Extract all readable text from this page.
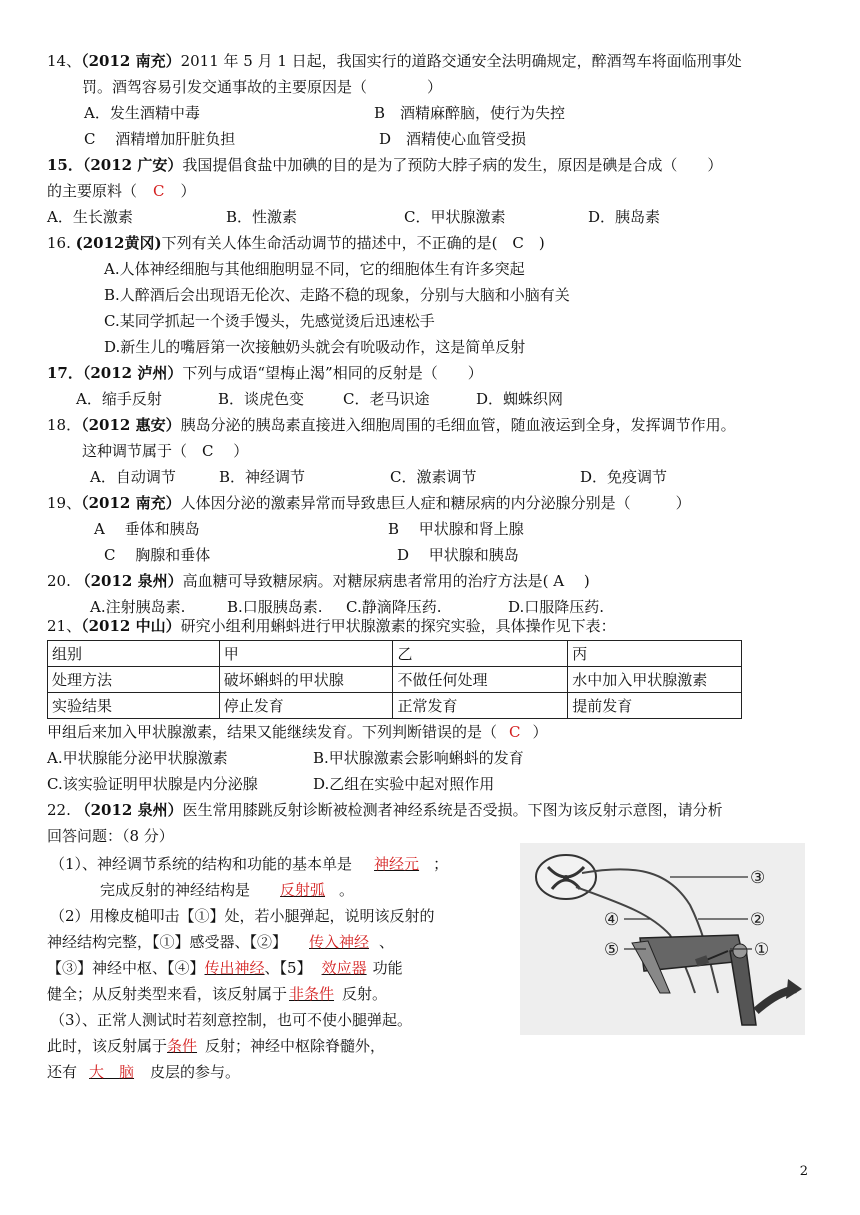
14、（2012 南充）2011 年 5 月 1 日起，我国实行的道路交通安全法明确规定，醉酒驾车将面临刑事处
罚。酒驾容易引发交通事故的主要原因是（　　　　）
A．发生酒精中毒	B　酒精麻醉脑，使行为失控
C　 酒精增加肝脏负担	D　酒精使心血管受损
15．（2012 广安）我国提倡食盐中加碘的目的是为了预防大脖子病的发生，原因是碘是合成（　　）
的主要原料（ C ）
A．生长激素	B．性激素	C．甲状腺激素	D．胰岛素
16. (2012黄冈)下列有关人体生命活动调节的描述中，不正确的是(　C　)
A.人体神经细胞与其他细胞明显不同，它的细胞体生有许多突起
B.人醉酒后会出现语无伦次、走路不稳的现象，分别与大脑和小脑有关
C.某同学抓起一个烫手馒头，先感觉烫后迅速松手
D.新生儿的嘴唇第一次接触奶头就会有吮吸动作，这是简单反射
17．（2012 泸州）下列与成语“望梅止渴”相同的反射是（　　）
A．缩手反射	B．谈虎色变	C．老马识途	D．蜘蛛织网
18．（2012 惠安）胰岛分泌的胰岛素直接进入细胞周围的毛细血管，随血液运到全身，发挥调节作用。
这种调节属于（　C　 ）
A．自动调节	B．神经调节	C．激素调节	D．免疫调节
19、（2012 南充）人体因分泌的激素异常而导致患巨人症和糖尿病的内分泌腺分别是（　　　）
A　 垂体和胰岛	B　 甲状腺和肾上腺
C　 胸腺和垂体	D　 甲状腺和胰岛
20. （2012 泉州）高血糖可导致糖尿病。对糖尿病患者常用的治疗方法是( A　 )
A.注射胰岛素.	B.口服胰岛素. C.静滴降压药.	D.口服降压药.
21、（2012 中山）研究小组利用蝌蚪进行甲状腺激素的探究实验，具体操作见下表：
组别	甲	乙	丙
处理方法	破坏蝌蚪的甲状腺	不做任何处理	水中加入甲状腺激素
实验结果	停止发育	正常发育	提前发育
甲组后来加入甲状腺激素，结果又能继续发育。下列判断错误的是（ C ）
A.甲状腺能分泌甲状腺激素	B.甲状腺激素会影响蝌蚪的发育
C.该实验证明甲状腺是内分泌腺	D.乙组在实验中起对照作用
22. （2012 泉州）医生常用膝跳反射诊断被检测者神经系统是否受损。下图为该反射示意图，请分析
回答问题：（8 分）
（1）、神经调节系统的结构和功能的基本单是 神经元 ；
完成反射的神经结构是 反射弧 。
（2）用橡皮槌叩击【①】处，若小腿弹起，说明该反射的
神经结构完整，【①】感受器、【②】 传入神经 、
【③】神经中枢、【④】传出神经、【5】 效应器 功能
健全；从反射类型来看，该反射属于 非条件 反射。
（3）、正常人测试时若刻意控制，也可不使小腿弹起。
此时，该反射属于条件 反射；神经中枢除脊髓外，
还有 大　脑 皮层的参与。
③
④	②
⑤	①
2
